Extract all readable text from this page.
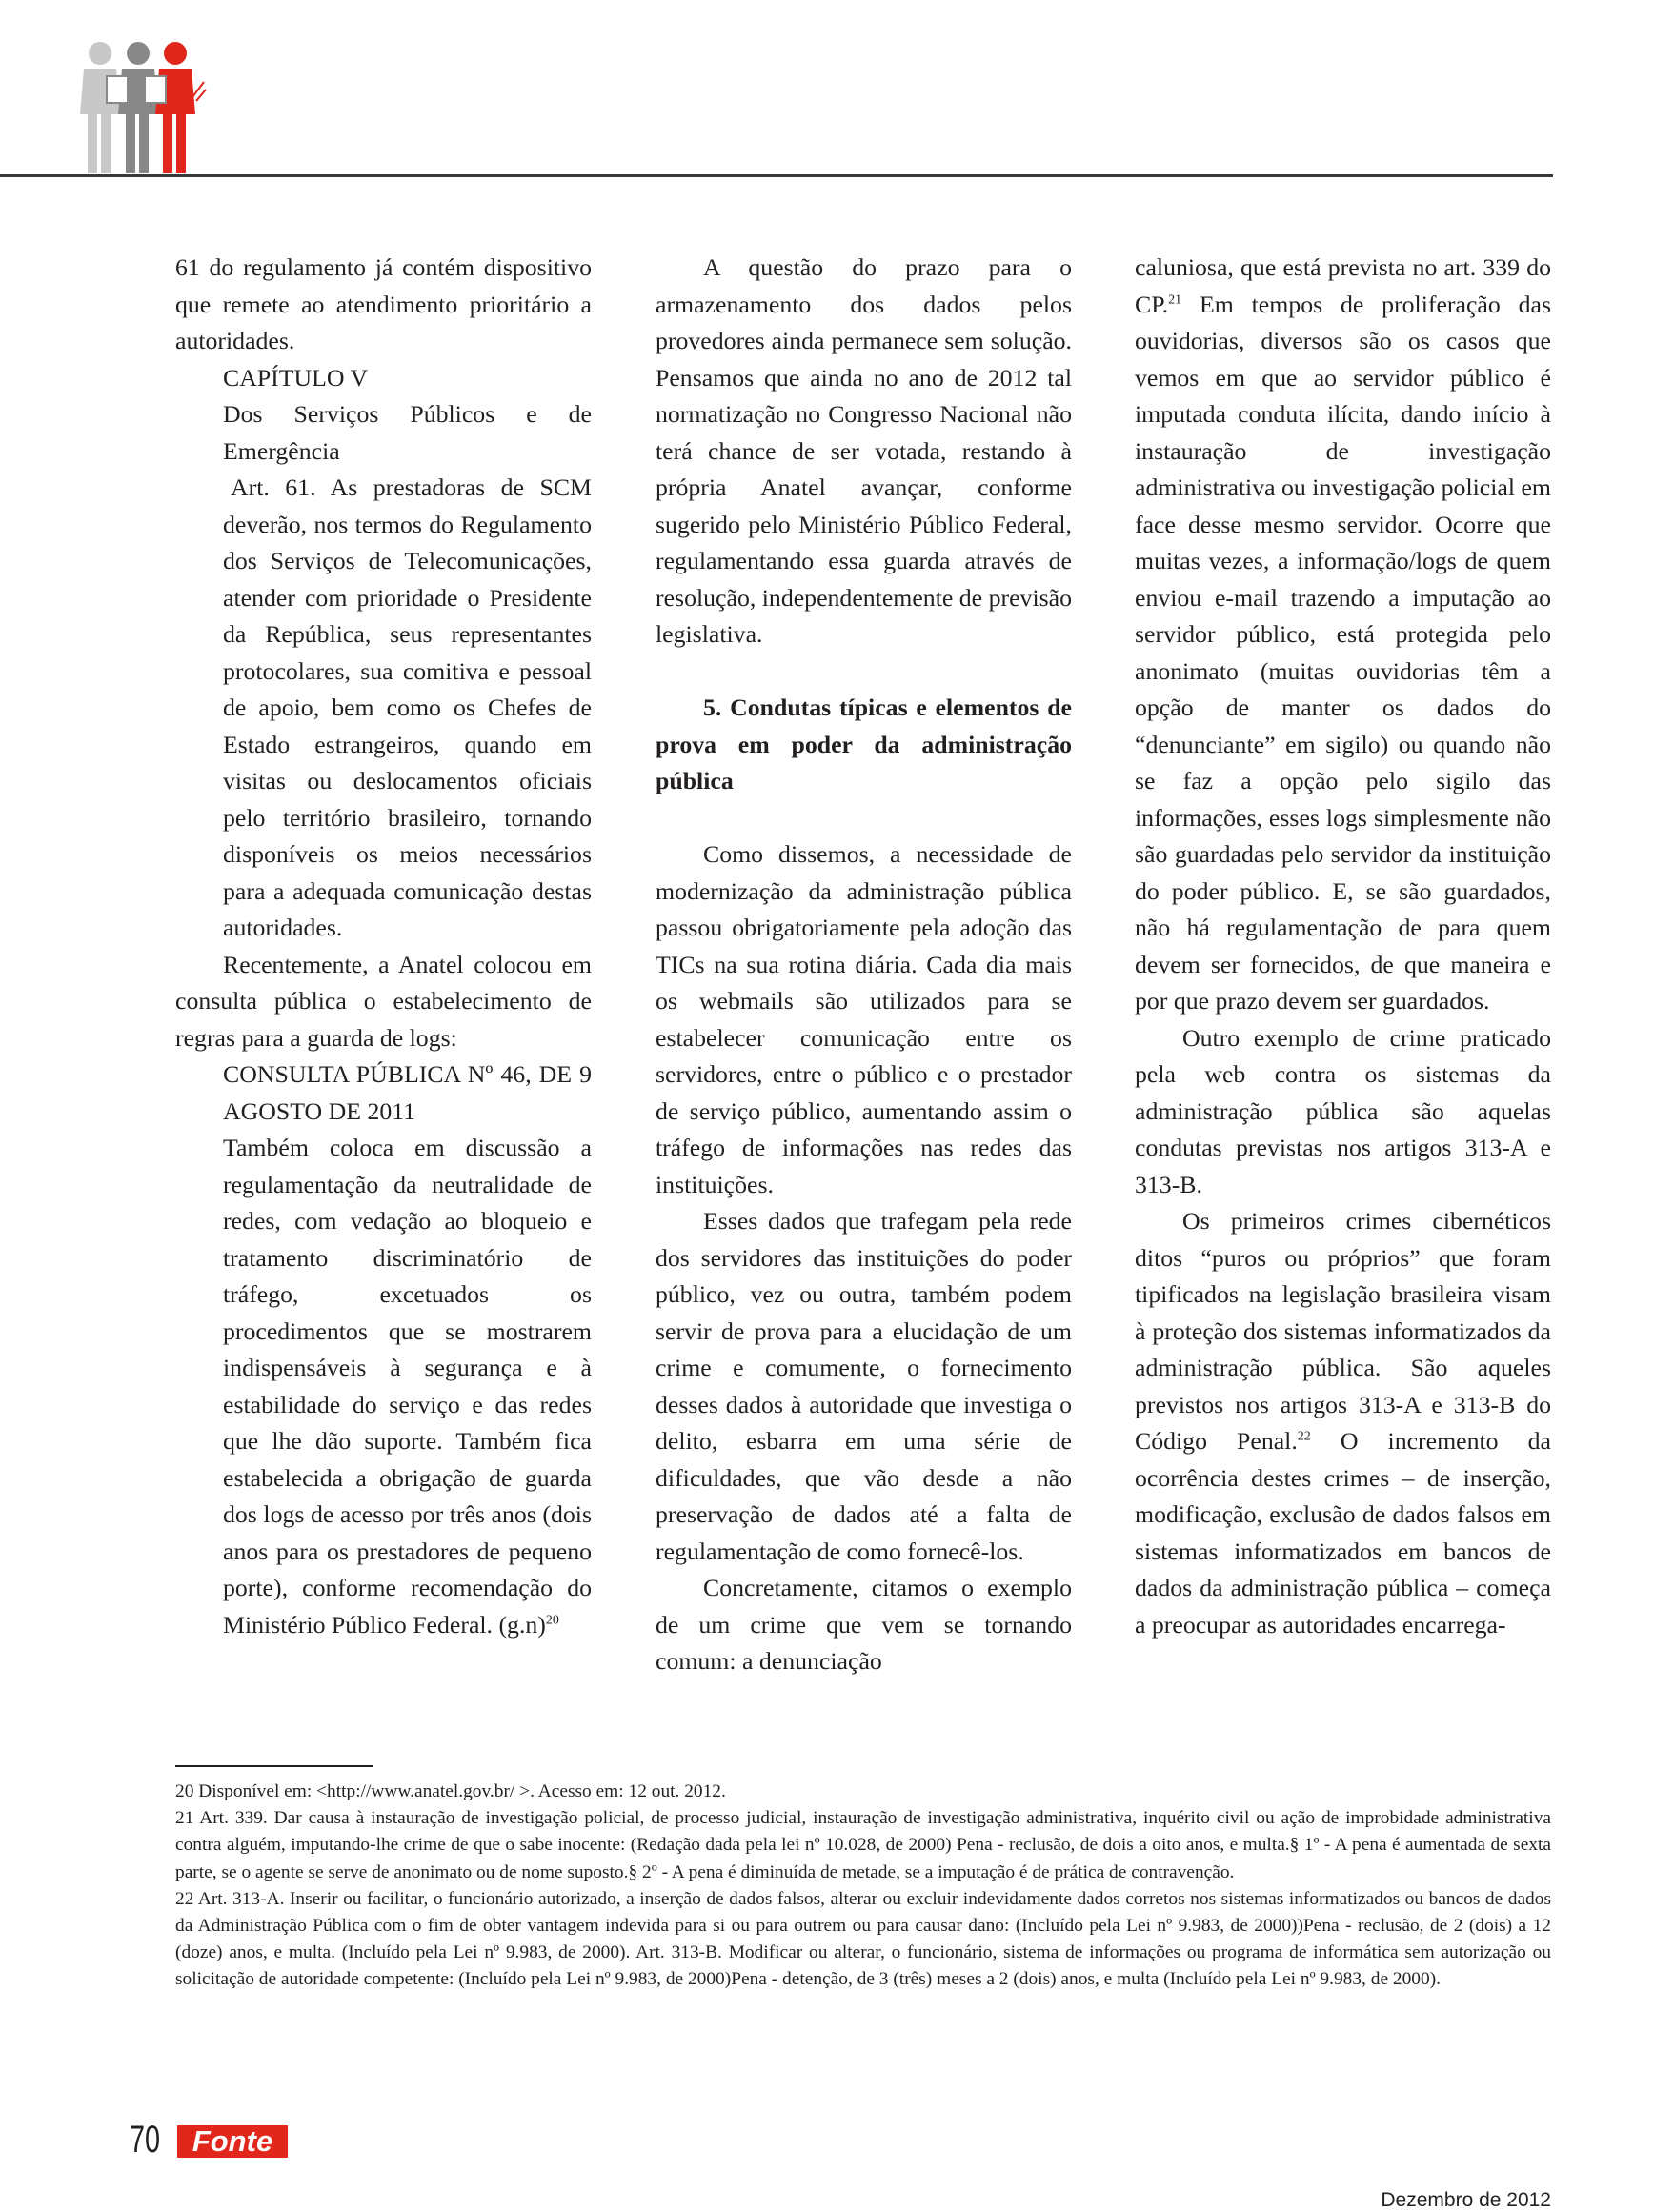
61 do regulamento já contém dispositivo que remete ao atendimento prioritário a autoridades.

CAPÍTULO V

Dos Serviços Públicos e de Emergência

Art. 61. As prestadoras de SCM deverão, nos termos do Regulamento dos Serviços de Telecomunicações, atender com prioridade o Presidente da República, seus representantes protocolares, sua comitiva e pessoal de apoio, bem como os Chefes de Estado estrangeiros, quando em visitas ou deslocamentos oficiais pelo território brasileiro, tornando disponíveis os meios necessários para a adequada comunicação destas autoridades.

Recentemente, a Anatel colocou em consulta pública o estabelecimento de regras para a guarda de logs:

CONSULTA PÚBLICA Nº 46, DE 9 AGOSTO DE 2011

Também coloca em discussão a regulamentação da neutralidade de redes, com vedação ao bloqueio e tratamento discriminatório de tráfego, excetuados os procedimentos que se mostrarem indispensáveis à segurança e à estabilidade do serviço e das redes que lhe dão suporte. Também fica estabelecida a obrigação de guarda dos logs de acesso por três anos (dois anos para os prestadores de pequeno porte), conforme recomendação do Ministério Público Federal. $(g.n)^{20}$

A questão do prazo para o armazenamento dos dados pelos provedores ainda permanece sem solução. Pensamos que ainda no ano de 2012 tal normatização no Congresso Nacional não terá chance de ser votada, restando à própria Anatel avançar, conforme sugerido pelo Ministério Público Federal, regulamentando essa guarda através de resolução, independentemente de previsão legislativa.

5. Condutas típicas e elementos de prova em poder da administração pública

Como dissemos, a necessidade de modernização da administração pública passou obrigatoriamente pela adoção das TICs na sua rotina diária. Cada dia mais os webmails são utilizados para se estabelecer comunicação entre os servidores, entre o público e o prestador de serviço público, aumentando assim o tráfego de informações nas redes das instituições.

Esses dados que trafegam pela rede dos servidores das instituições do poder público, vez ou outra, também podem servir de prova para a elucidação de um crime e comumente, o fornecimento desses dados à autoridade que investiga o delito, esbarra em uma série de dificuldades, que vão desde a não preservação de dados até a falta de regulamentação de como fornecê-los.

Concretamente, citamos o exemplo de um crime que vem se tornando comum: a denunciação

caluniosa, que está prevista no art. 339 do CP.$^{21}$ Em tempos de proliferação das ouvidorias, diversos são os casos que vemos em que ao servidor público é imputada conduta ilícita, dando início à instauração de investigação administrativa ou investigação policial em face desse mesmo servidor. Ocorre que muitas vezes, a informação/logs de quem enviou e-mail trazendo a imputação ao servidor público, está protegida pelo anonimato (muitas ouvidorias têm a opção de manter os dados do “denunciante” em sigilo) ou quando não se faz a opção pelo sigilo das informações, esses logs simplesmente não são guardadas pelo servidor da instituição do poder público. E, se são guardados, não há regulamentação de para quem devem ser fornecidos, de que maneira e por que prazo devem ser guardados.

Outro exemplo de crime praticado pela web contra os sistemas da administração pública são aquelas condutas previstas nos artigos 313-A e 313-B.

Os primeiros crimes cibernéticos ditos “puros ou próprios” que foram tipificados na legislação brasileira visam à proteção dos sistemas informatizados da administração pública. São aqueles previstos nos artigos 313-A e 313-B do Código Penal.$^{22}$ O incremento da ocorrência destes crimes – de inserção, modificação, exclusão de dados falsos em sistemas informatizados em bancos de dados da administração pública – começa a preocupar as autoridades encarrega-

20 Disponível em: <http://www.anatel.gov.br/ >. Acesso em: 12 out. 2012.

21 Art. 339. Dar causa à instauração de investigação policial, de processo judicial, instauração de investigação administrativa, inquérito civil ou ação de improbidade administrativa contra alguém, imputando-lhe crime de que o sabe inocente: (Redação dada pela lei nº 10.028, de 2000) Pena - reclusão, de dois a oito anos, e multa.§ 1º - A pena é aumentada de sexta parte, se o agente se serve de anonimato ou de nome suposto.§ 2º - A pena é diminuída de metade, se a imputação é de prática de contravenção.

22 Art. 313-A. Inserir ou facilitar, o funcionário autorizado, a inserção de dados falsos, alterar ou excluir indevidamente dados corretos nos sistemas informatizados ou bancos de dados da Administração Pública com o fim de obter vantagem indevida para si ou para outrem ou para causar dano: (Incluído pela Lei nº 9.983, de 2000))Pena - reclusão, de 2 (dois) a 12 (doze) anos, e multa. (Incluído pela Lei nº 9.983, de 2000). Art. 313-B. Modificar ou alterar, o funcionário, sistema de informações ou programa de informática sem autorização ou solicitação de autoridade competente: (Incluído pela Lei nº 9.983, de 2000)Pena - detenção, de 3 (três) meses a 2 (dois) anos, e multa (Incluído pela Lei nº 9.983, de 2000).

70	Fonte
Dezembro de 2012
